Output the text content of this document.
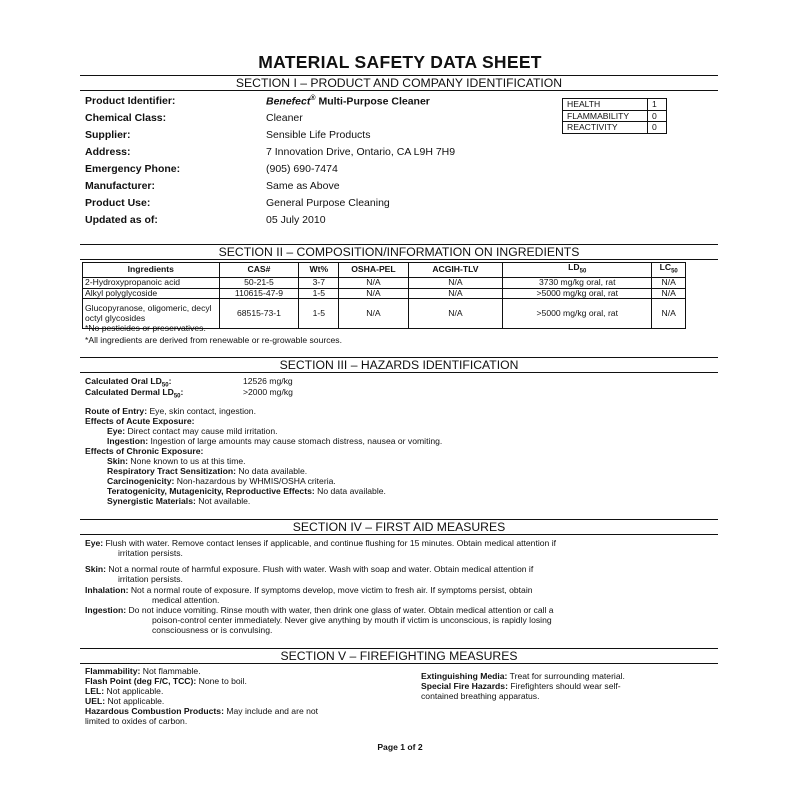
MATERIAL SAFETY DATA SHEET
SECTION I – PRODUCT AND COMPANY IDENTIFICATION
Product Identifier:	Benefect® Multi-Purpose Cleaner
Chemical Class:	Cleaner
Supplier:	Sensible Life Products
Address:	7 Innovation Drive, Ontario, CA L9H 7H9
Emergency Phone:	(905) 690-7474
Manufacturer:	Same as Above
Product Use:	General Purpose Cleaning
Updated as of:	05 July 2010
HEALTH	1
FLAMMABILITY	0
REACTIVITY	0
SECTION II – COMPOSITION/INFORMATION ON INGREDIENTS
Ingredients	CAS#	Wt%	OSHA-PEL	ACGIH-TLV	$LD_{50}$	$LC_{50}$
2-Hydroxypropanoic acid	50-21-5	3-7	N/A	N/A	3730 mg/kg oral, rat	N/A
Alkyl polyglycoside	110615-47-9	1-5	N/A	N/A	>5000 mg/kg oral, rat	N/A
Glucopyranose, oligomeric, decyl octyl glycosides	68515-73-1	1-5	N/A	N/A	>5000 mg/kg oral, rat	N/A
*No pesticides or preservatives.
*All ingredients are derived from renewable or re-growable sources.
SECTION III – HAZARDS IDENTIFICATION
Calculated Oral $LD_{50}$:	12526 mg/kg
Calculated Dermal $LD_{50}$:	>2000 mg/kg
Route of Entry: Eye, skin contact, ingestion.
Effects of Acute Exposure:
Eye: Direct contact may cause mild irritation.
Ingestion: Ingestion of large amounts may cause stomach distress, nausea or vomiting.
Effects of Chronic Exposure:
Skin: None known to us at this time.
Respiratory Tract Sensitization: No data available.
Carcinogenicity: Non-hazardous by WHMIS/OSHA criteria.
Teratogenicity, Mutagenicity, Reproductive Effects: No data available.
Synergistic Materials: Not available.
SECTION IV – FIRST AID MEASURES
Eye: Flush with water. Remove contact lenses if applicable, and continue flushing for 15 minutes. Obtain medical attention if
irritation persists.
Skin: Not a normal route of harmful exposure. Flush with water. Wash with soap and water. Obtain medical attention if
irritation persists.
Inhalation: Not a normal route of exposure. If symptoms develop, move victim to fresh air. If symptoms persist, obtain
medical attention.
Ingestion: Do not induce vomiting. Rinse mouth with water, then drink one glass of water. Obtain medical attention or call a
poison-control center immediately. Never give anything by mouth if victim is unconscious, is rapidly losing
consciousness or is convulsing.
SECTION V – FIREFIGHTING MEASURES
Flammability: Not flammable.
Flash Point (deg F/C, TCC): None to boil.
LEL: Not applicable.
UEL: Not applicable.
Hazardous Combustion Products: May include and are not
limited to oxides of carbon.
Extinguishing Media: Treat for surrounding material.
Special Fire Hazards: Firefighters should wear self-
contained breathing apparatus.
Page 1 of 2
